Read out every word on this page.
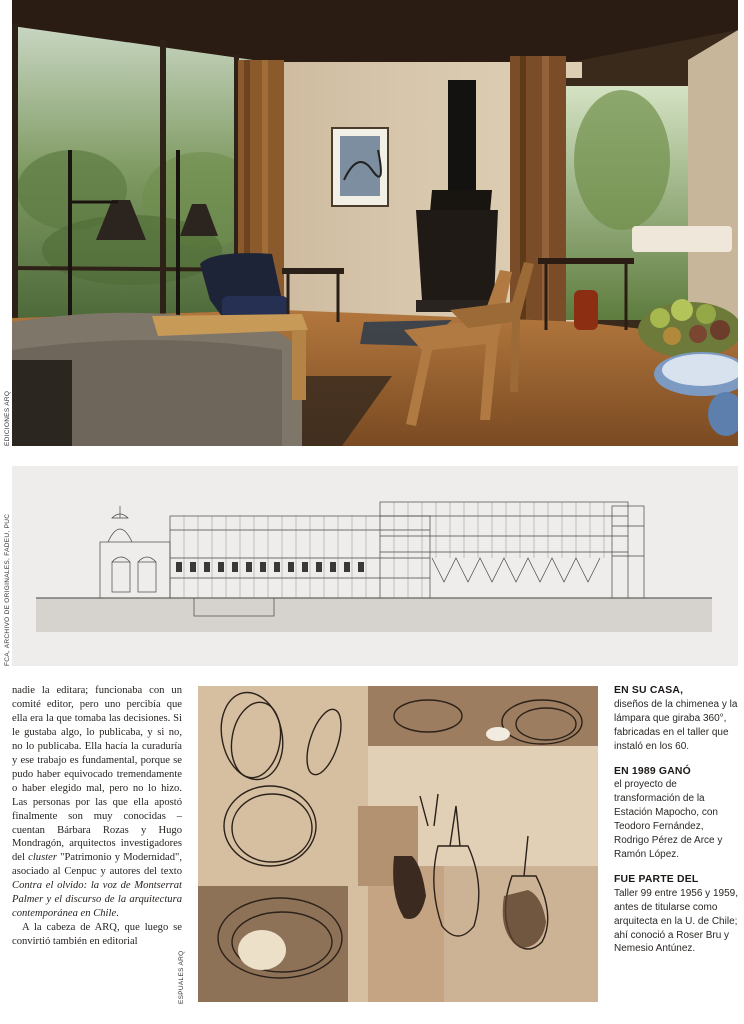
EDICIONES ARQ
FCA, ARCHIVO DE ORIGINALES, FADEU, PUC

nadie la editara; funcionaba con un comité editor, pero uno percibía que ella era la que tomaba las decisiones. Si le gustaba algo, lo publicaba, y si no, no lo publicaba. Ella hacía la curaduría y ese trabajo es fundamental, porque se pudo haber equivocado tremendamente o haber elegido mal, pero no lo hizo. Las personas por las que ella apostó finalmente son muy conocidas –cuentan Bárbara Rozas y Hugo Mondragón, arquitectos investigadores del cluster "Patrimonio y Modernidad", asociado al Cenpuc y autores del texto Contra el olvido: la voz de Montserrat Palmer y el discurso de la arquitectura contemporánea en Chile.

A la cabeza de ARQ, que luego se convirtió también en editorial

ESPUALES ARQ

EN SU CASA,
diseños de la chimenea y la lámpara que giraba 360°, fabricadas en el taller que instaló en los 60.

EN 1989 GANÓ
el proyecto de transformación de la Estación Mapocho, con Teodoro Fernández, Rodrigo Pérez de Arce y Ramón López.

FUE PARTE DEL
Taller 99 entre 1956 y 1959, antes de titularse como arquitecta en la U. de Chile; ahí conoció a Roser Bru y Nemesio Antúnez.
